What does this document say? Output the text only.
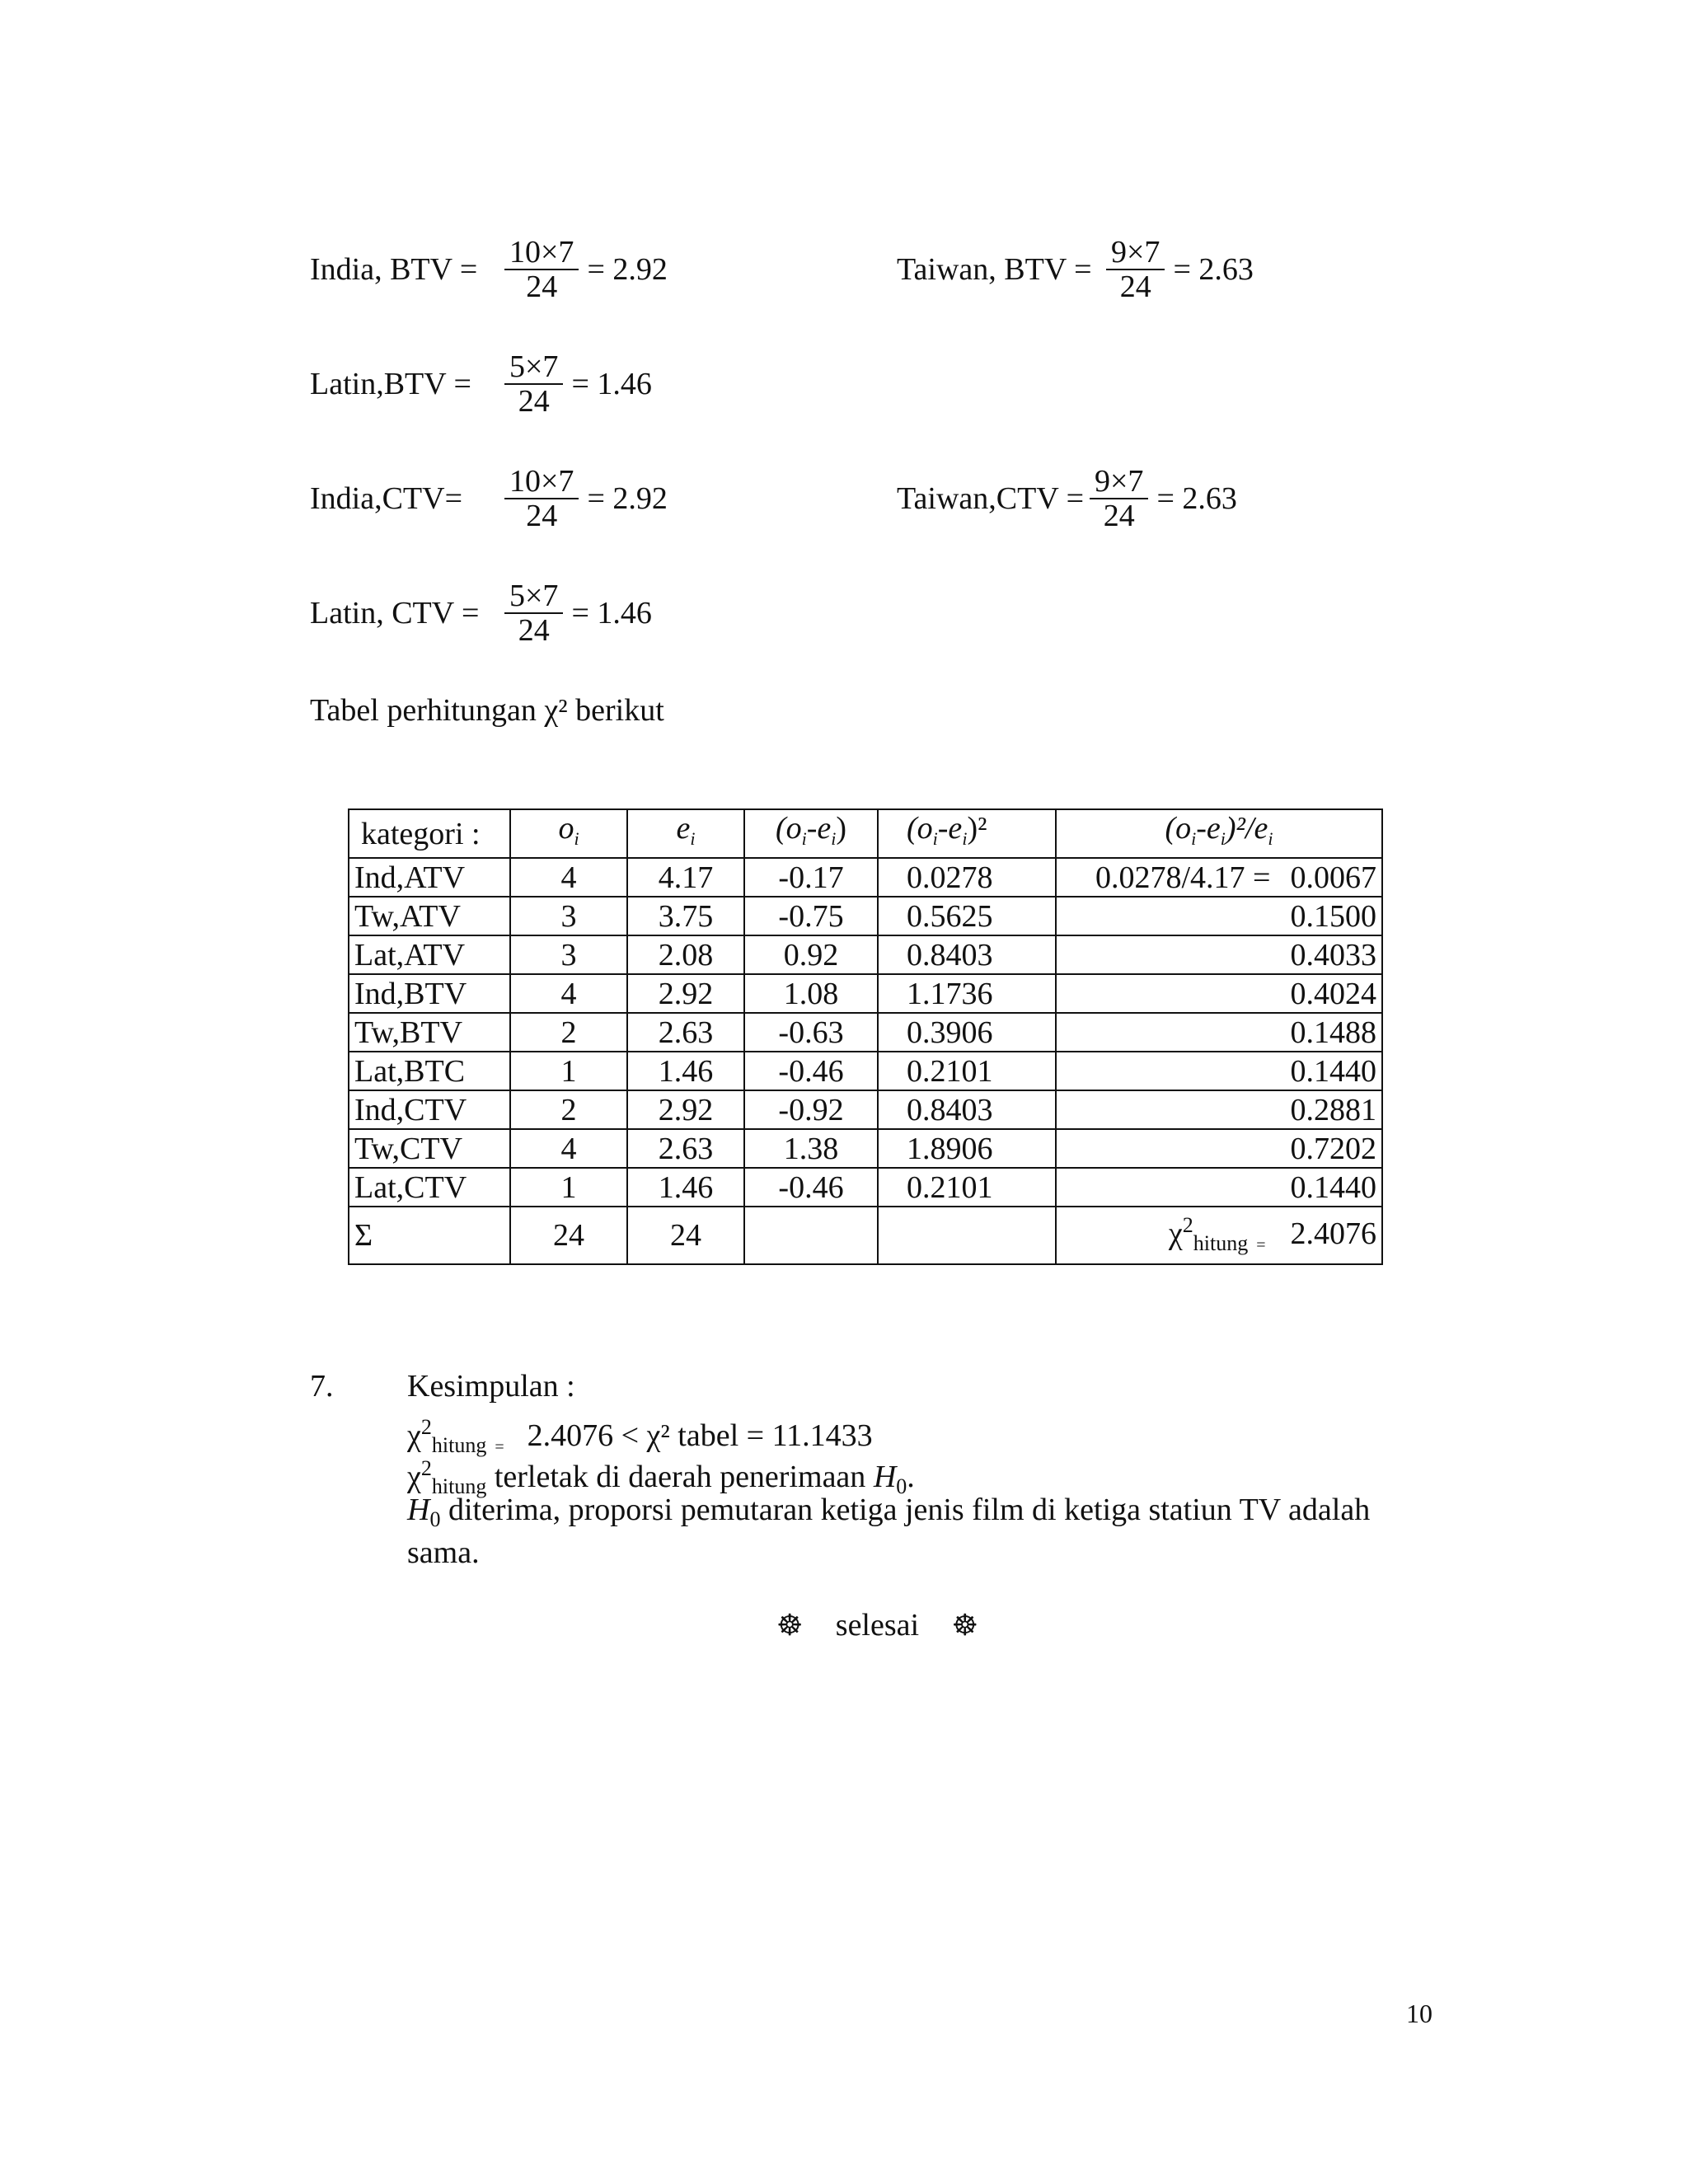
India, BTV = $\frac{10\times 7}{24} = 2.92$	Taiwan, BTV = $\frac{9\times 7}{24} = 2.63$
Latin,BTV =	$\frac{5\times 7}{24} = 1.46$
India,CTV=	$\frac{10\times 7}{24} = 2.92$	Taiwan,CTV = $\frac{9\times 7}{24} = 2.63$
Latin, CTV = $\frac{5\times 7}{24} = 1.46$
Tabel perhitungan χ² berikut
kategori :	$o_i$	$e_i$	$(o_i-e_i)$	$(o_i-e_i)^2$	$(o_i-e_i)^2/e_i$
Ind,ATV	4	4.17	-0.17	0.0278	0.0278/4.17 = 0.0067
Tw,ATV	3	3.75	-0.75	0.5625	0.1500
Lat,ATV	3	2.08	0.92	0.8403	0.4033
Ind,BTV	4	2.92	1.08	1.1736	0.4024
Tw,BTV	2	2.63	-0.63	0.3906	0.1488
Lat,BTC	1	1.46	-0.46	0.2101	0.1440
Ind,CTV	2	2.92	-0.92	0.8403	0.2881
Tw,CTV	4	2.63	1.38	1.8906	0.7202
Lat,CTV	1	1.46	-0.46	0.2101	0.1440
Σ	24	24			$\chi^2_{hitung}$ $_=$ 2.4076
7. Kesimpulan :
$\chi^2_{hitung}$ $_=$ 2.4076 < χ² tabel = 11.1433
$\chi^2_{hitung}$ terletak di daerah penerimaan $H_0$.
$H_0$ diterima, proporsi pemutaran ketiga jenis film di ketiga statiun TV adalah
sama.
☸ selesai ☸
10
